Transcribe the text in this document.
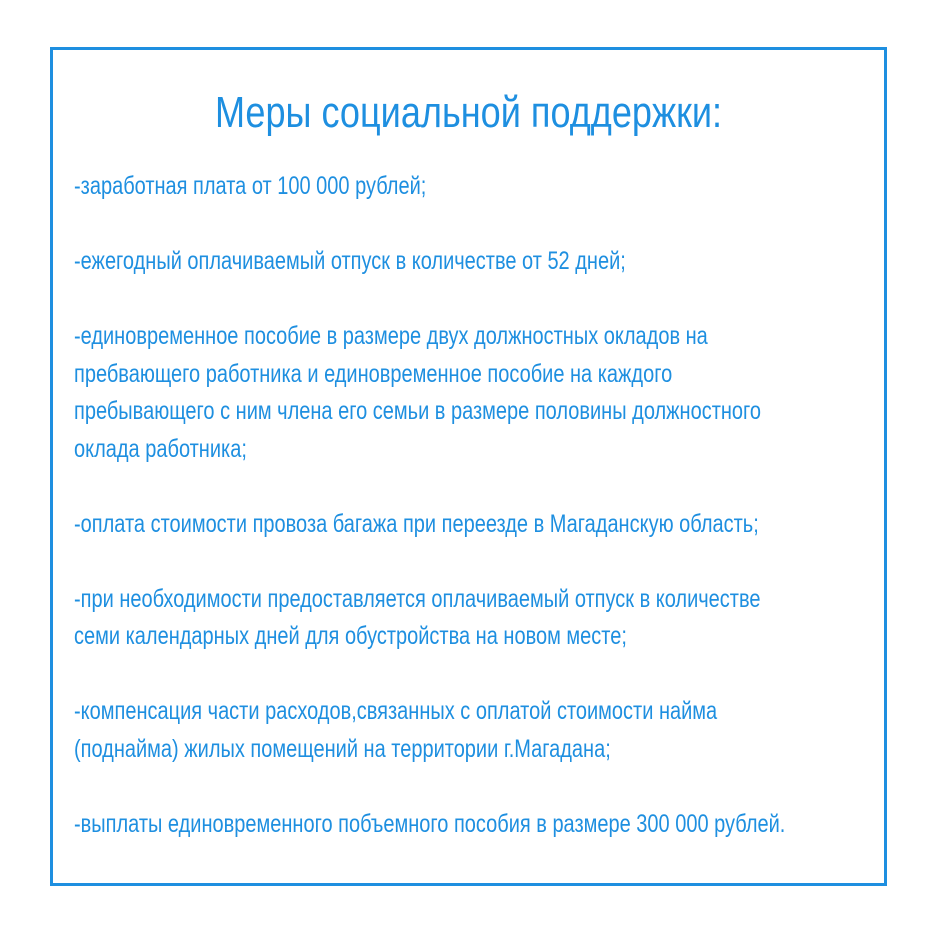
Меры социальной поддержки:
-заработная плата от 100 000 рублей;
-ежегодный оплачиваемый отпуск в количестве от 52 дней;
-единовременное пособие в размере двух должностных окладов на
пребвающего работника и единовременное пособие на каждого
пребывающего с ним члена его семьи в размере половины должностного
оклада работника;
-оплата стоимости провоза багажа при переезде в Магаданскую область;
-при необходимости предоставляется оплачиваемый отпуск в количестве
семи календарных дней для обустройства на новом месте;
-компенсация части расходов,связанных с оплатой стоимости найма
(поднайма) жилых помещений на территории г.Магадана;
-выплаты единовременного побъемного пособия в размере 300 000 рублей.
